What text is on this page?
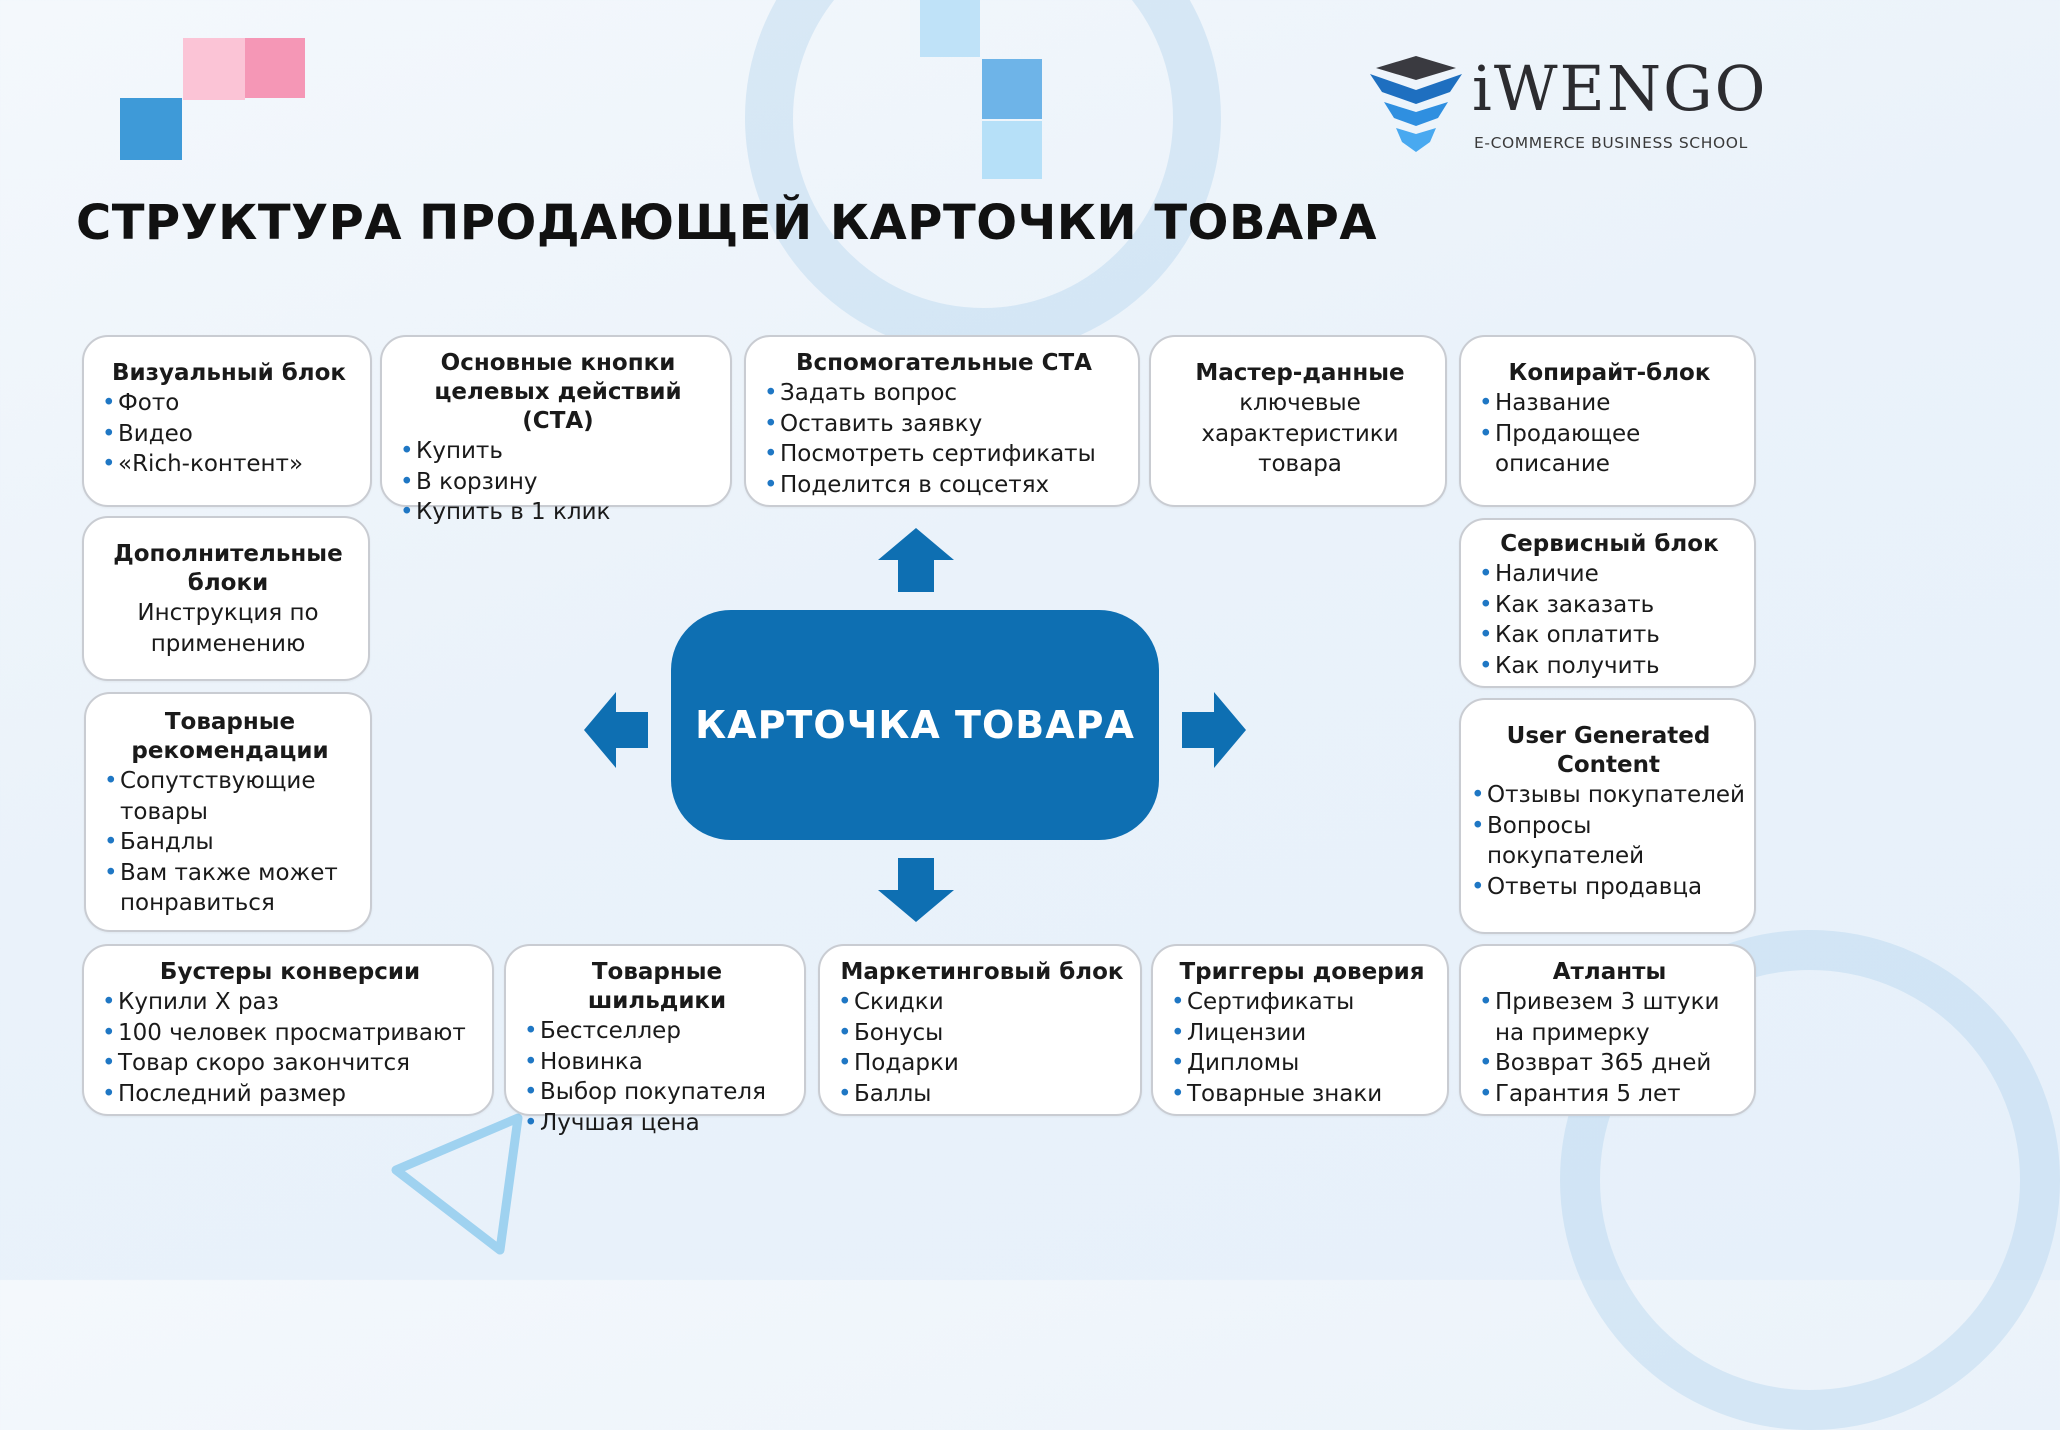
iWENGO
E-COMMERCE BUSINESS SCHOOL
СТРУКТУРА ПРОДАЮЩЕЙ КАРТОЧКИ ТОВАРА
Визуальный блок
• Фото
• Видео
• «Rich-контент»
Основные кнопки целевых действий (СТА)
• Купить
• В корзину
• Купить в 1 клик
Вспомогательные СТА
• Задать вопрос
• Оставить заявку
• Посмотреть сертификаты
• Поделится в соцсетях
Мастер-данные
ключевые характеристики товара
Копирайт-блок
• Название
• Продающее описание
Дополнительные блоки
Инструкция по применению
Товарные рекомендации
• Сопутствующие товары
• Бандлы
• Вам также может понравиться
Сервисный блок
• Наличие
• Как заказать
• Как оплатить
• Как получить
User Generated Content
• Отзывы покупателей
• Вопросы покупателей
• Ответы продавца
Бустеры конверсии
• Купили Х раз
• 100 человек просматривают
• Товар скоро закончится
• Последний размер
Товарные шильдики
• Бестселлер
• Новинка
• Выбор покупателя
• Лучшая цена
Маркетинговый блок
• Скидки
• Бонусы
• Подарки
• Баллы
Триггеры доверия
• Сертификаты
• Лицензии
• Дипломы
• Товарные знаки
Атланты
• Привезем 3 штуки на примерку
• Возврат 365 дней
• Гарантия 5 лет
КАРТОЧКА ТОВАРА
